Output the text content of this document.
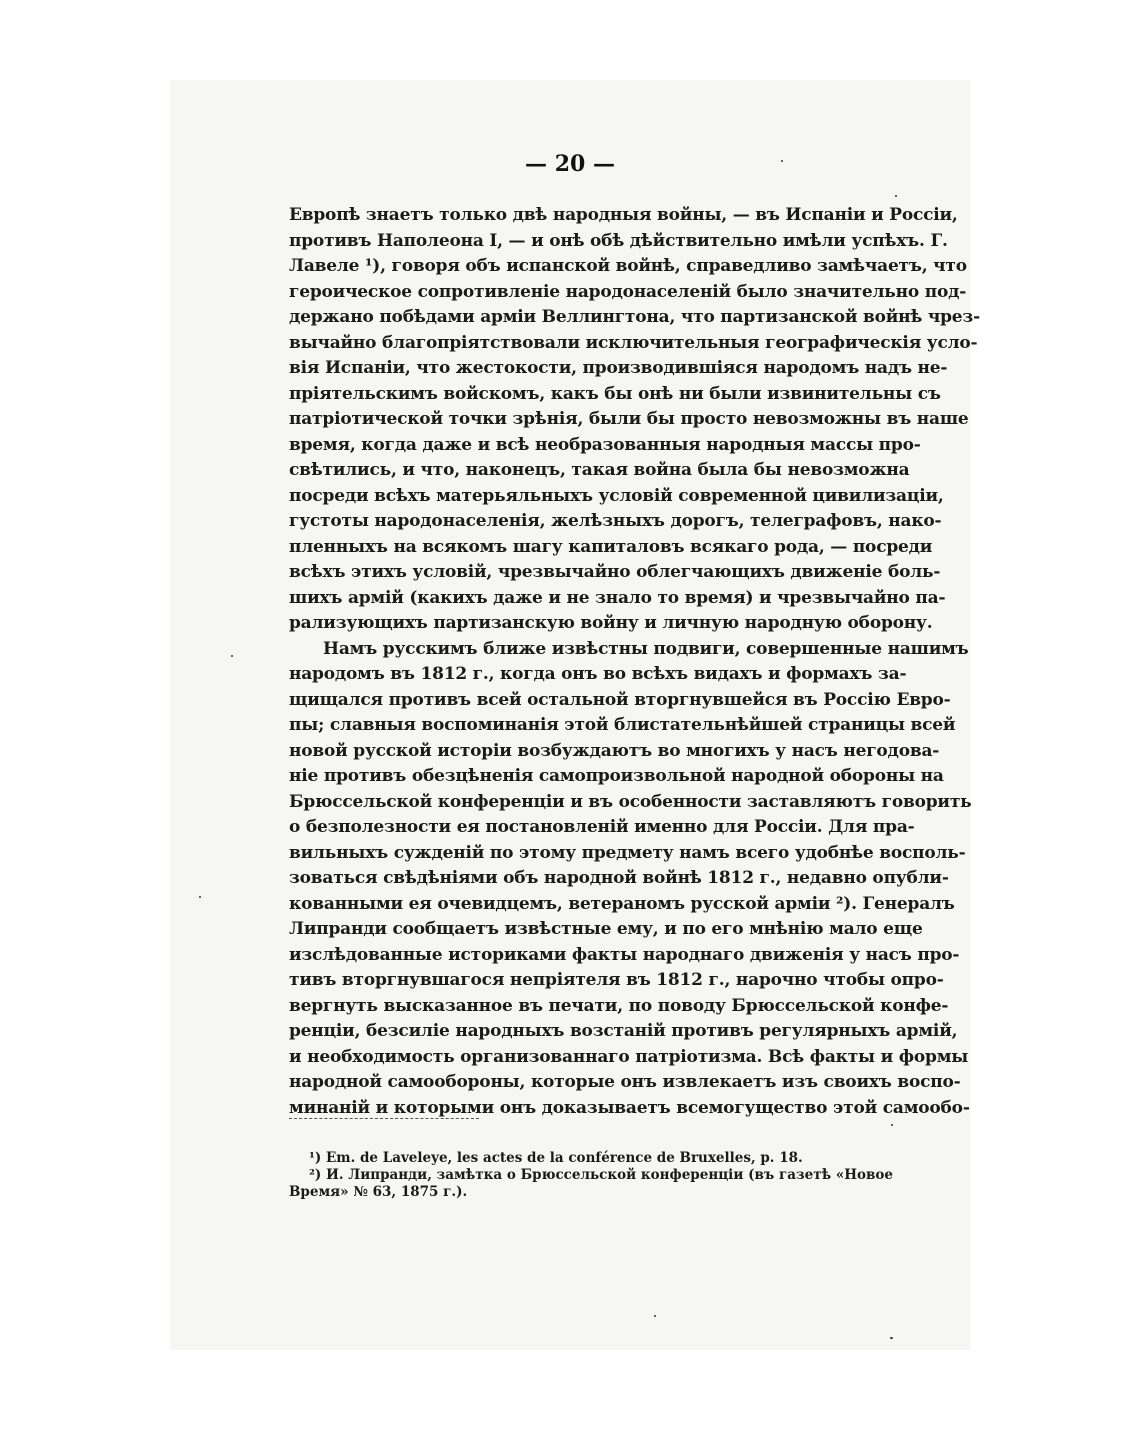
— 20 —
Европѣ знаетъ только двѣ народныя войны, — въ Испаніи и Россіи,
противъ Наполеона I, — и онѣ обѣ дѣйствительно имѣли успѣхъ. Г.
Лавеле ¹), говоря объ испанской войнѣ, справедливо замѣчаетъ, что
героическое сопротивленіе народонаселеній было значительно под-
держано побѣдами арміи Веллингтона, что партизанской войнѣ чрез-
вычайно благопріятствовали исключительныя географическія усло-
вія Испаніи, что жестокости, производившіяся народомъ надъ не-
пріятельскимъ войскомъ, какъ бы онѣ ни были извинительны съ
патріотической точки зрѣнія, были бы просто невозможны въ наше
время, когда даже и всѣ необразованныя народныя массы про-
свѣтились, и что, наконецъ, такая война была бы невозможна
посреди всѣхъ матерьяльныхъ условій современной цивилизаціи,
густоты народонаселенія, желѣзныхъ дорогъ, телеграфовъ, нако-
пленныхъ на всякомъ шагу капиталовъ всякаго рода, — посреди
всѣхъ этихъ условій, чрезвычайно облегчающихъ движеніе боль-
шихъ армій (какихъ даже и не знало то время) и чрезвычайно па-
рализующихъ партизанскую войну и личную народную оборону.
Намъ русскимъ ближе извѣстны подвиги, совершенные нашимъ
народомъ въ 1812 г., когда онъ во всѣхъ видахъ и формахъ за-
щищался противъ всей остальной вторгнувшейся въ Россію Евро-
пы; славныя воспоминанія этой блистательнѣйшей страницы всей
новой русской исторіи возбуждаютъ во многихъ у насъ негодова-
ніе противъ обезцѣненія самопроизвольной народной обороны на
Брюссельской конференціи и въ особенности заставляютъ говорить
о безполезности ея постановленій именно для Россіи. Для пра-
вильныхъ сужденій по этому предмету намъ всего удобнѣе восполь-
зоваться свѣдѣніями объ народной войнѣ 1812 г., недавно опубли-
кованными ея очевидцемъ, ветераномъ русской арміи ²). Генералъ
Липранди сообщаетъ извѣстные ему, и по его мнѣнію мало еще
изслѣдованные историками факты народнаго движенія у насъ про-
тивъ вторгнувшагося непріятеля въ 1812 г., нарочно чтобы опро-
вергнуть высказанное въ печати, по поводу Брюссельской конфе-
ренціи, безсиліе народныхъ возстаній противъ регулярныхъ армій,
и необходимость организованнаго патріотизма. Всѣ факты и формы
народной самообороны, которые онъ извлекаетъ изъ своихъ воспо-
минаній и которыми онъ доказываетъ всемогущество этой самообо-
¹) Em. de Laveleye, les actes de la conférence de Bruxelles, p. 18.
²) И. Липранди, замѣтка о Брюссельской конференціи (въ газетѣ «Новое
Время» № 63, 1875 г.).
